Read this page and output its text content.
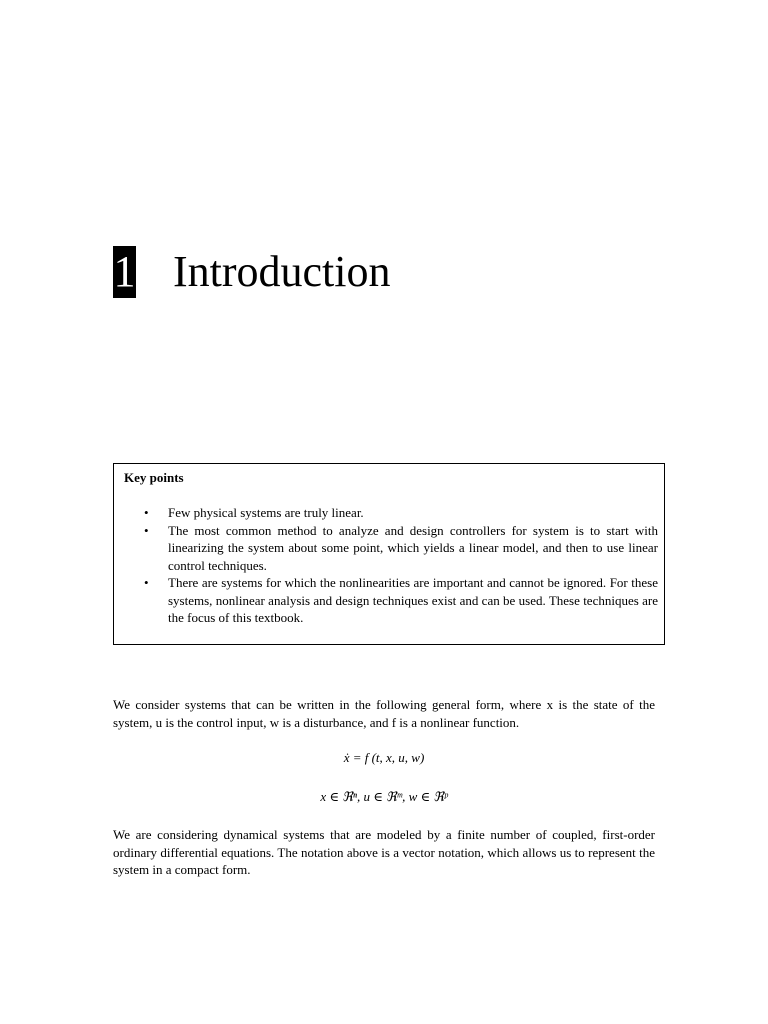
1 Introduction
Key points
• Few physical systems are truly linear.
• The most common method to analyze and design controllers for system is to start with linearizing the system about some point, which yields a linear model, and then to use linear control techniques.
• There are systems for which the nonlinearities are important and cannot be ignored. For these systems, nonlinear analysis and design techniques exist and can be used. These techniques are the focus of this textbook.

We consider systems that can be written in the following general form, where x is the state of the system, u is the control input, w is a disturbance, and f is a nonlinear function.

ẋ = f (t, x, u, w)
x ∈ ℜⁿ, u ∈ ℜᵐ, w ∈ ℜᵖ

We are considering dynamical systems that are modeled by a finite number of coupled, first-order ordinary differential equations. The notation above is a vector notation, which allows us to represent the system in a compact form.
